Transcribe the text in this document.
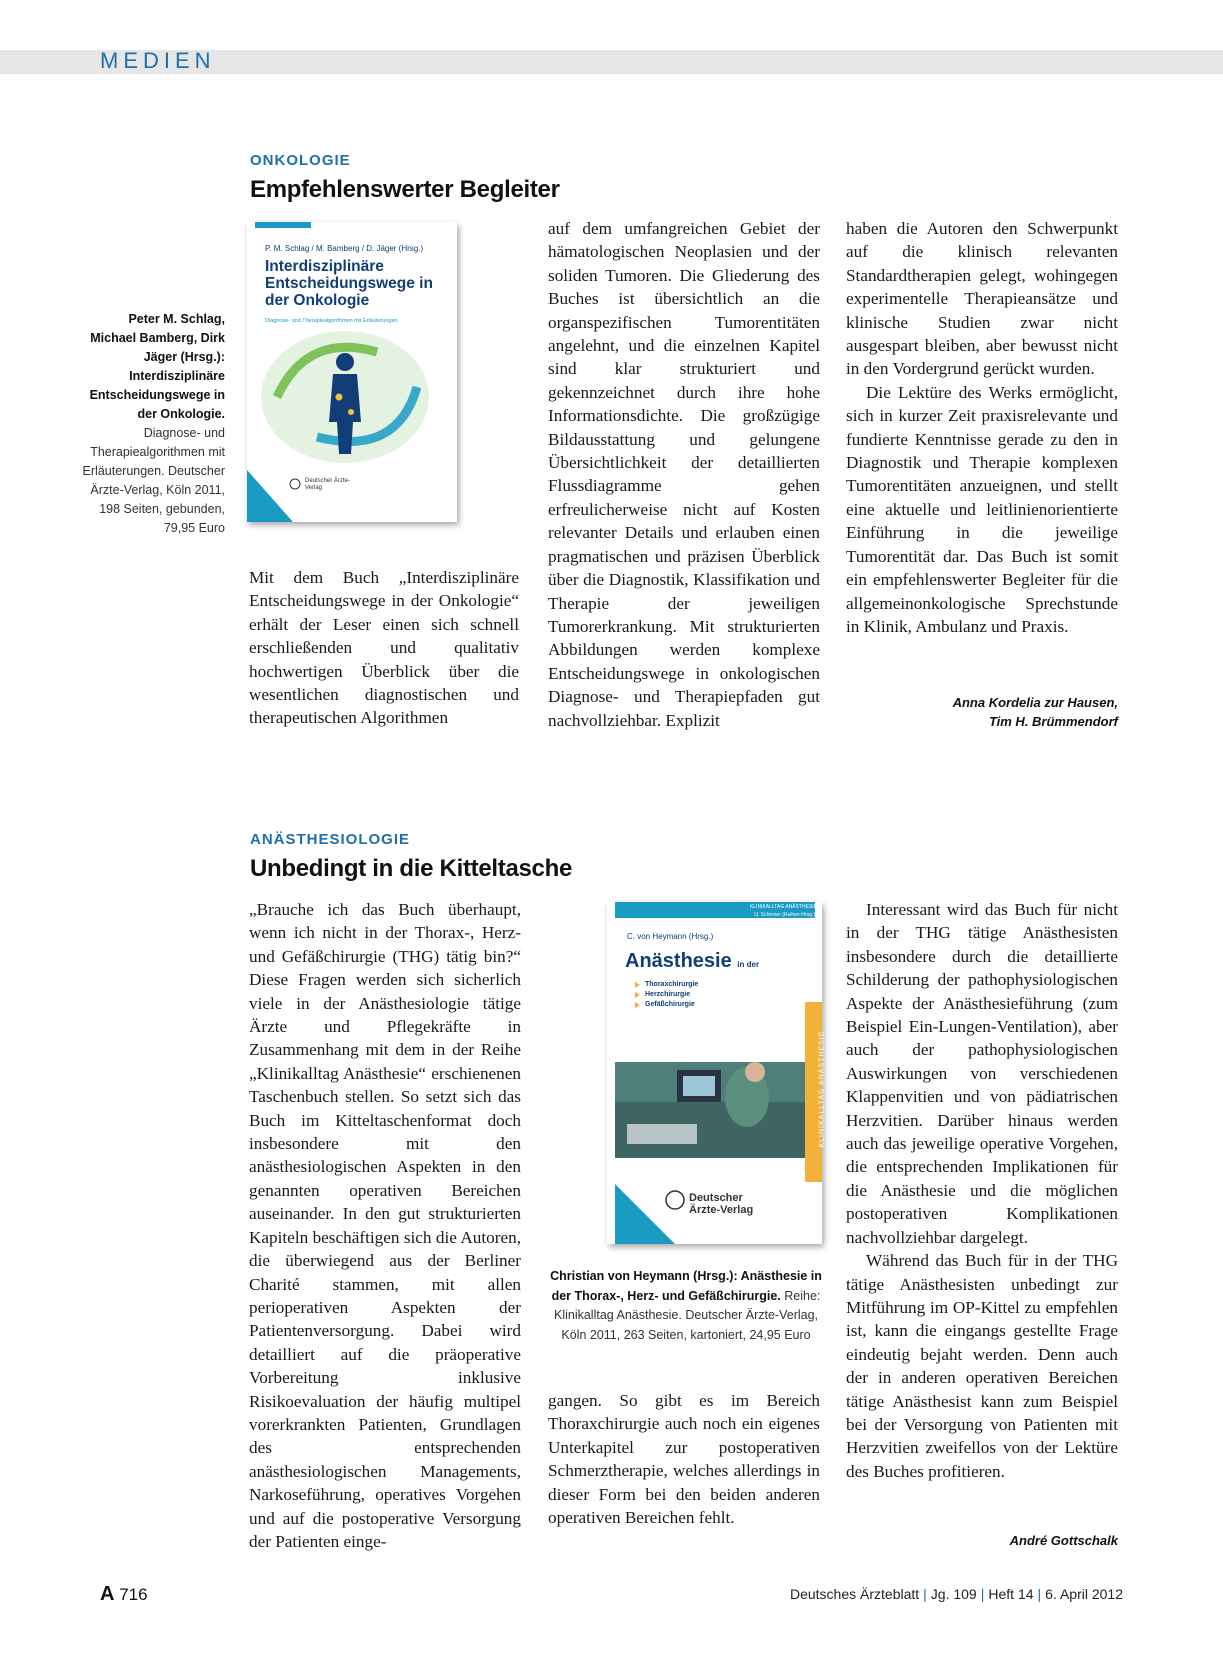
MEDIEN
ONKOLOGIE
Empfehlenswerter Begleiter
Peter M. Schlag, Michael Bamberg, Dirk Jäger (Hrsg.): Interdisziplinäre Entscheidungswege in der Onkologie. Diagnose- und Therapiealgorithmen mit Erläuterungen. Deutscher Ärzte-Verlag, Köln 2011, 198 Seiten, gebunden, 79,95 Euro
P. M. Schlag / M. Bamberg / D. Jäger (Hrsg.)
Interdisziplinäre Entscheidungswege in der Onkologie
Diagnose- und Therapiealgorithmen mit Erläuterungen
Deutscher Ärzte-Verlag

Mit dem Buch „Interdisziplinäre Entscheidungswege in der Onkologie“ erhält der Leser einen sich schnell erschließenden und qualitativ hochwertigen Überblick über die wesentlichen diagnostischen und therapeutischen Algorithmen

auf dem umfangreichen Gebiet der hämatologischen Neoplasien und der soliden Tumoren. Die Gliederung des Buches ist übersichtlich an die organspezifischen Tumorentitäten angelehnt, und die einzelnen Kapitel sind klar strukturiert und gekennzeichnet durch ihre hohe Informationsdichte. Die großzügige Bildausstattung und gelungene Übersichtlichkeit der detaillierten Flussdiagramme gehen erfreulicherweise nicht auf Kosten relevanter Details und erlauben einen pragmatischen und präzisen Überblick über die Diagnostik, Klassifikation und Therapie der jeweiligen Tumorerkrankung. Mit strukturierten Abbildungen werden komplexe Entscheidungswege in onkologischen Diagnose- und Therapiepfaden gut nachvollziehbar. Explizit

haben die Autoren den Schwerpunkt auf die klinisch relevanten Standardtherapien gelegt, wohingegen experimentelle Therapieansätze und klinische Studien zwar nicht ausgespart bleiben, aber bewusst nicht in den Vordergrund gerückt wurden.

Die Lektüre des Werks ermöglicht, sich in kurzer Zeit praxisrelevante und fundierte Kenntnisse gerade zu den in Diagnostik und Therapie komplexen Tumorentitäten anzueignen, und stellt eine aktuelle und leitlinienorientierte Einführung in die jeweilige Tumorentität dar. Das Buch ist somit ein empfehlenswerter Begleiter für die allgemeinonkologische Sprechstunde in Klinik, Ambulanz und Praxis.

Anna Kordelia zur Hausen,
Tim H. Brümmendorf
ANÄSTHESIOLOGIE
Unbedingt in die Kitteltasche

„Brauche ich das Buch überhaupt, wenn ich nicht in der Thorax-, Herz- und Gefäßchirurgie (THG) tätig bin?“ Diese Fragen werden sich sicherlich viele in der Anästhesiologie tätige Ärzte und Pflegekräfte in Zusammenhang mit dem in der Reihe „Klinikalltag Anästhesie“ erschienenen Taschenbuch stellen. So setzt sich das Buch im Kitteltaschenformat doch insbesondere mit den anästhesiologischen Aspekten in den genannten operativen Bereichen auseinander. In den gut strukturierten Kapiteln beschäftigen sich die Autoren, die überwiegend aus der Berliner Charité stammen, mit allen perioperativen Aspekten der Patientenversorgung. Dabei wird detailliert auf die präoperative Vorbereitung inklusive Risikoevaluation der häufig multipel vorerkrankten Patienten, Grundlagen des entsprechenden anästhesiologischen Managements, Narkoseführung, operatives Vorgehen und auf die postoperative Versorgung der Patienten einge-

KLINIKALLTAG ANÄSTHESIE
U. Schirmer (Reihen-Hrsg.)
C. von Heymann (Hrsg.)
Anästhesie in der
Thoraxchirurgie
Herzchirurgie
Gefäßchirurgie
KLINIKALLTAG ANÄSTHESIE
Deutscher
Ärzte-Verlag
Christian von Heymann (Hrsg.): Anästhesie in der Thorax-, Herz- und Gefäßchirurgie. Reihe: Klinikalltag Anästhesie. Deutscher Ärzte-Verlag, Köln 2011, 263 Seiten, kartoniert, 24,95 Euro

gangen. So gibt es im Bereich Thoraxchirurgie auch noch ein eigenes Unterkapitel zur postoperativen Schmerztherapie, welches allerdings in dieser Form bei den beiden anderen operativen Bereichen fehlt.

Interessant wird das Buch für nicht in der THG tätige Anästhesisten insbesondere durch die detaillierte Schilderung der pathophysiologischen Aspekte der Anästhesieführung (zum Beispiel Ein-Lungen-Ventilation), aber auch der pathophysiologischen Auswirkungen von verschiedenen Klappenvitien und von pädiatrischen Herzvitien. Darüber hinaus werden auch das jeweilige operative Vorgehen, die entsprechenden Implikationen für die Anästhesie und die möglichen postoperativen Komplikationen nachvollziehbar dargelegt.

Während das Buch für in der THG tätige Anästhesisten unbedingt zur Mitführung im OP-Kittel zu empfehlen ist, kann die eingangs gestellte Frage eindeutig bejaht werden. Denn auch der in anderen operativen Bereichen tätige Anästhesist kann zum Beispiel bei der Versorgung von Patienten mit Herzvitien zweifellos von der Lektüre des Buches profitieren.

André Gottschalk
A 716	Deutsches Ärzteblatt | Jg. 109 | Heft 14 | 6. April 2012
